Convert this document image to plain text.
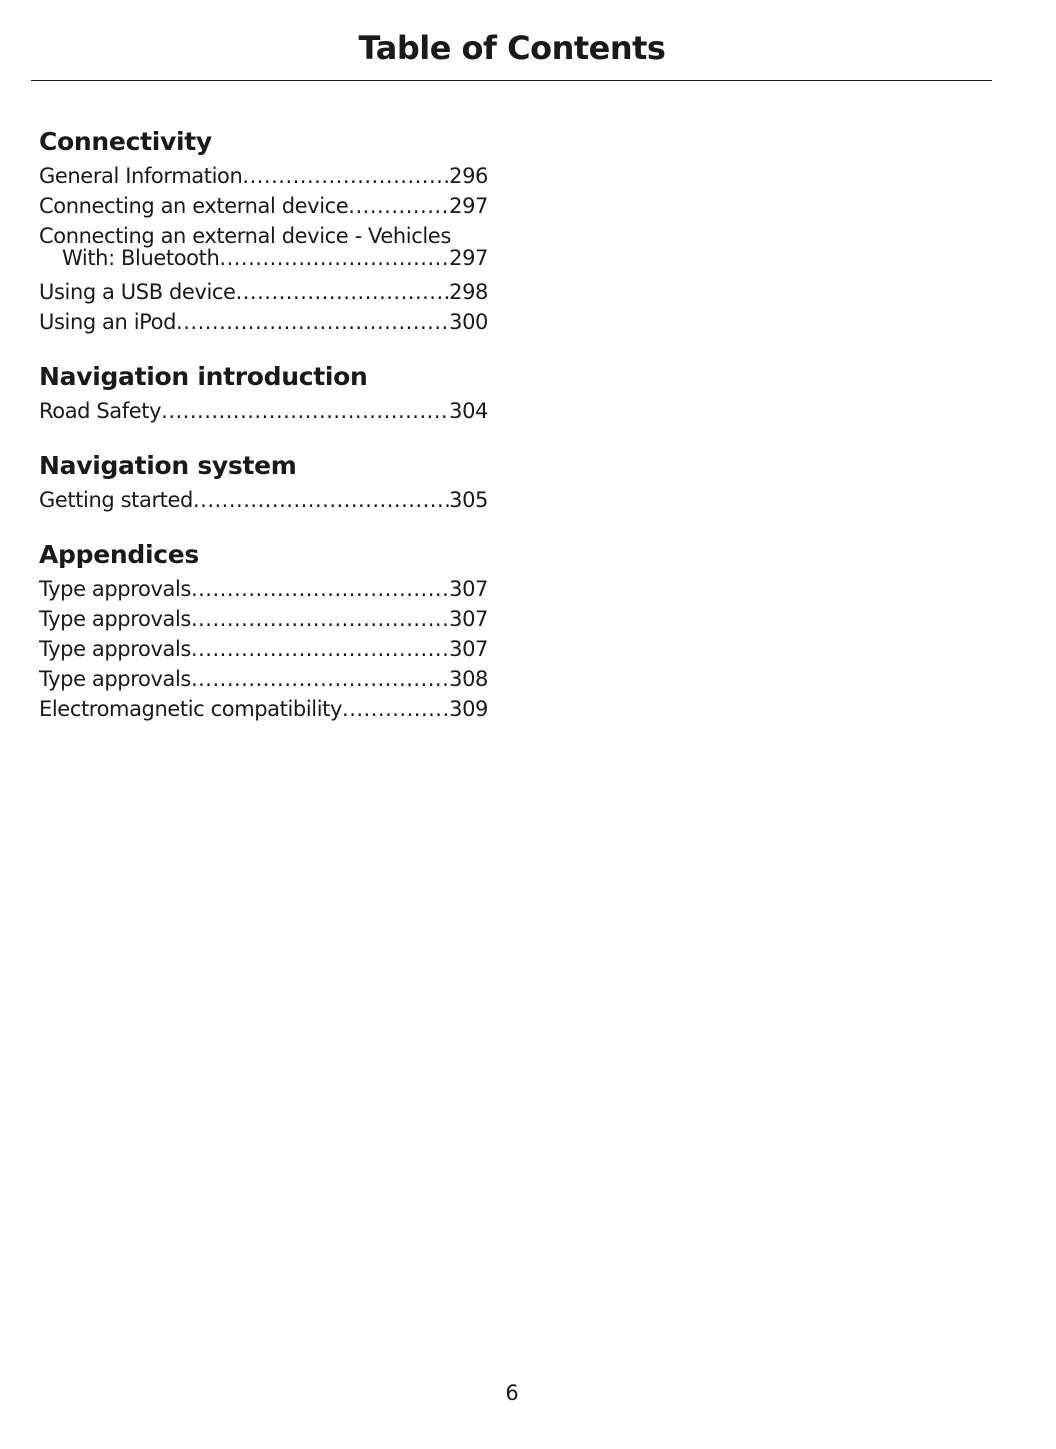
Table of Contents
Connectivity
General Information .....	296
Connecting an external device .....	297
Connecting an external device - Vehicles
With: Bluetooth .....	297
Using a USB device .....	298
Using an iPod .....	300
Navigation introduction
Road Safety .....	304
Navigation system
Getting started .....	305
Appendices
Type approvals .....	307
Type approvals .....	307
Type approvals .....	307
Type approvals .....	308
Electromagnetic compatibility .....	309
6
